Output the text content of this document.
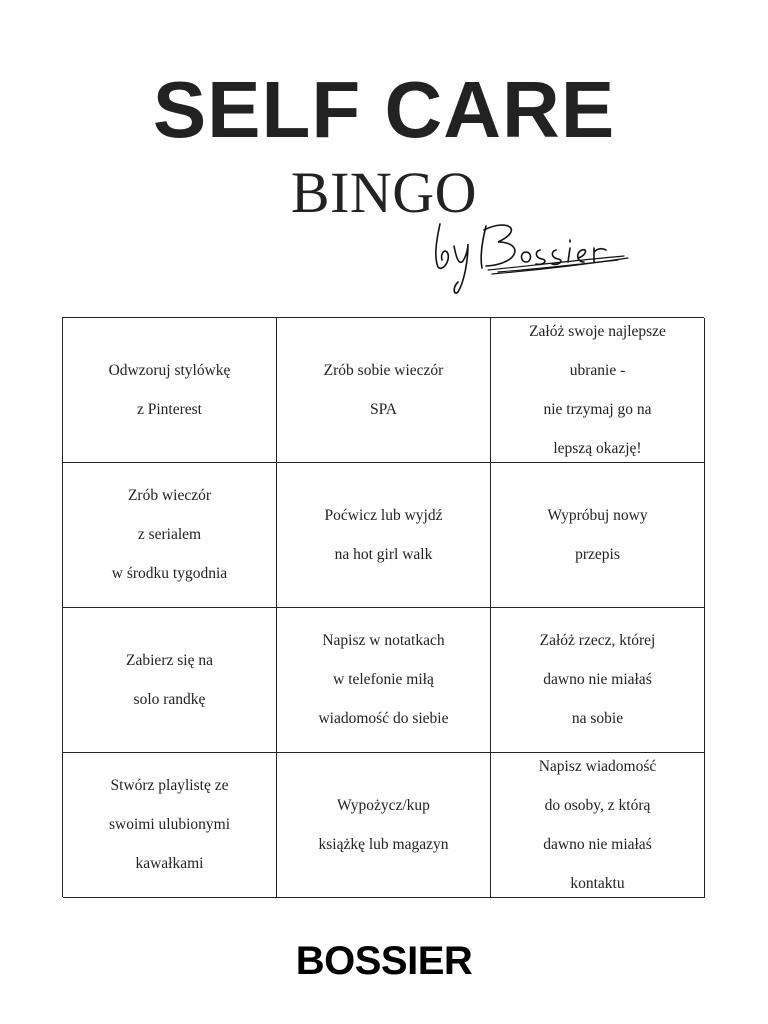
SELF CARE
BINGO

Odwzoruj stylówkę

z Pinterest

Zrób sobie wieczór

SPA

Załóż swoje najlepsze

ubranie -

nie trzymaj go na

lepszą okazję!

Zrób wieczór

z serialem

w środku tygodnia

Poćwicz lub wyjdź

na hot girl walk

Wypróbuj nowy

przepis

Zabierz się na

solo randkę

Napisz w notatkach

w telefonie miłą

wiadomość do siebie

Załóż rzecz, której

dawno nie miałaś

na sobie

Stwórz playlistę ze

swoimi ulubionymi

kawałkami

Wypożycz/kup

książkę lub magazyn

Napisz wiadomość

do osoby, z którą

dawno nie miałaś

kontaktu

BOSSIER
